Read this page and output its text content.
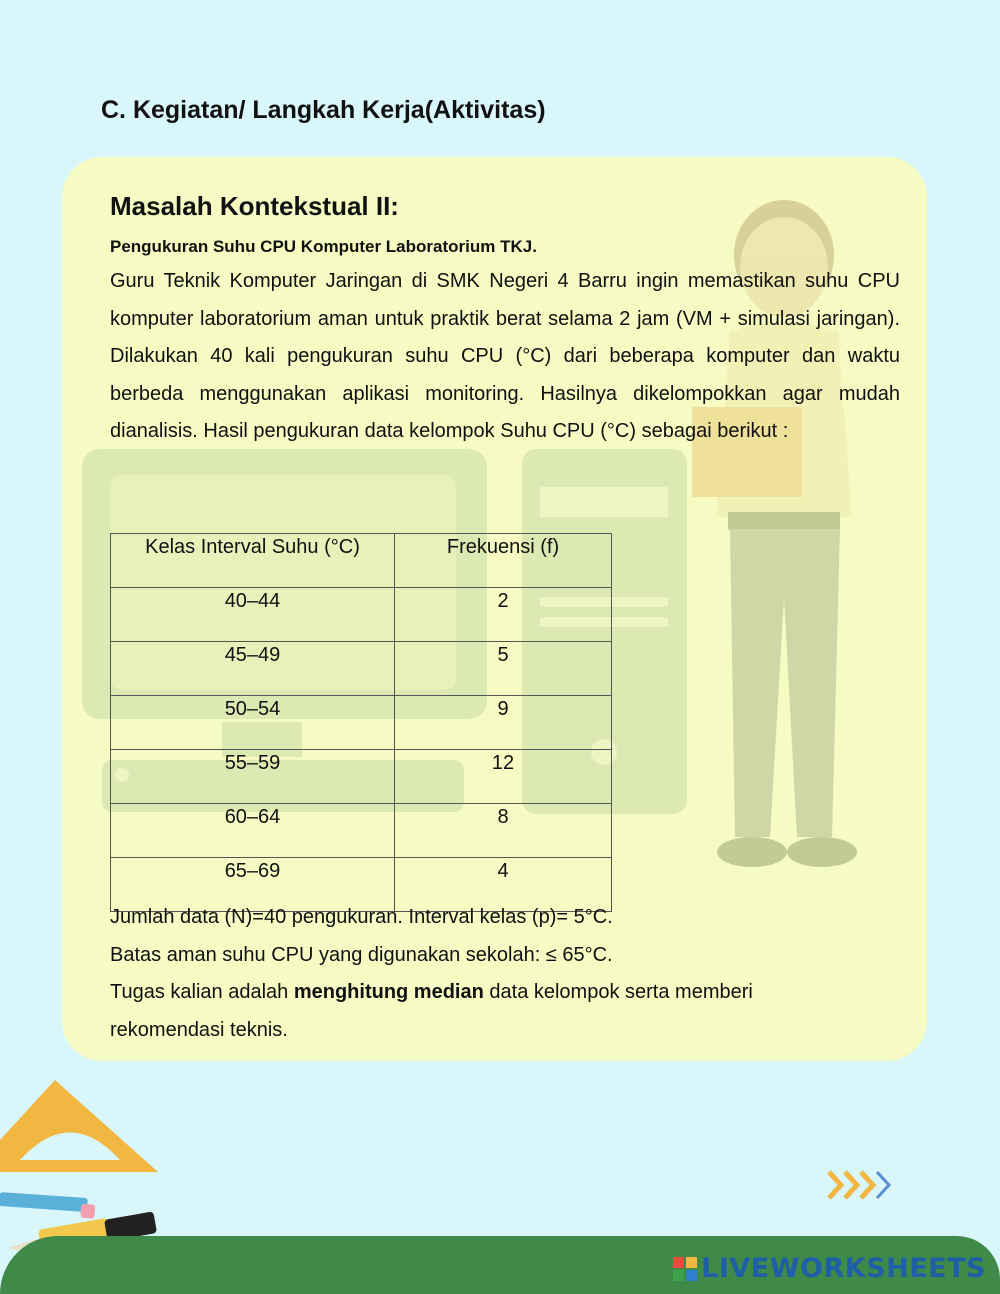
C. Kegiatan/ Langkah Kerja(Aktivitas)
Masalah Kontekstual II:

Pengukuran Suhu CPU Komputer Laboratorium TKJ.

Guru Teknik Komputer Jaringan di SMK Negeri 4 Barru ingin memastikan suhu CPU komputer laboratorium aman untuk praktik berat selama 2 jam (VM + simulasi jaringan). Dilakukan 40 kali pengukuran suhu CPU (°C) dari beberapa komputer dan waktu berbeda menggunakan aplikasi monitoring. Hasilnya dikelompokkan agar mudah dianalisis. Hasil pengukuran data kelompok Suhu CPU (°C) sebagai berikut :

Kelas Interval Suhu (°C)	Frekuensi (f)
40–44	2
45–49	5
50–54	9
55–59	12
60–64	8
65–69	4

Jumlah data (N)=40 pengukuran. Interval kelas (p)= 5°C.

Batas aman suhu CPU yang digunakan sekolah: ≤ 65°C.

Tugas kalian adalah menghitung median data kelompok serta memberi

rekomendasi teknis.

LIVEWORKSHEETS
